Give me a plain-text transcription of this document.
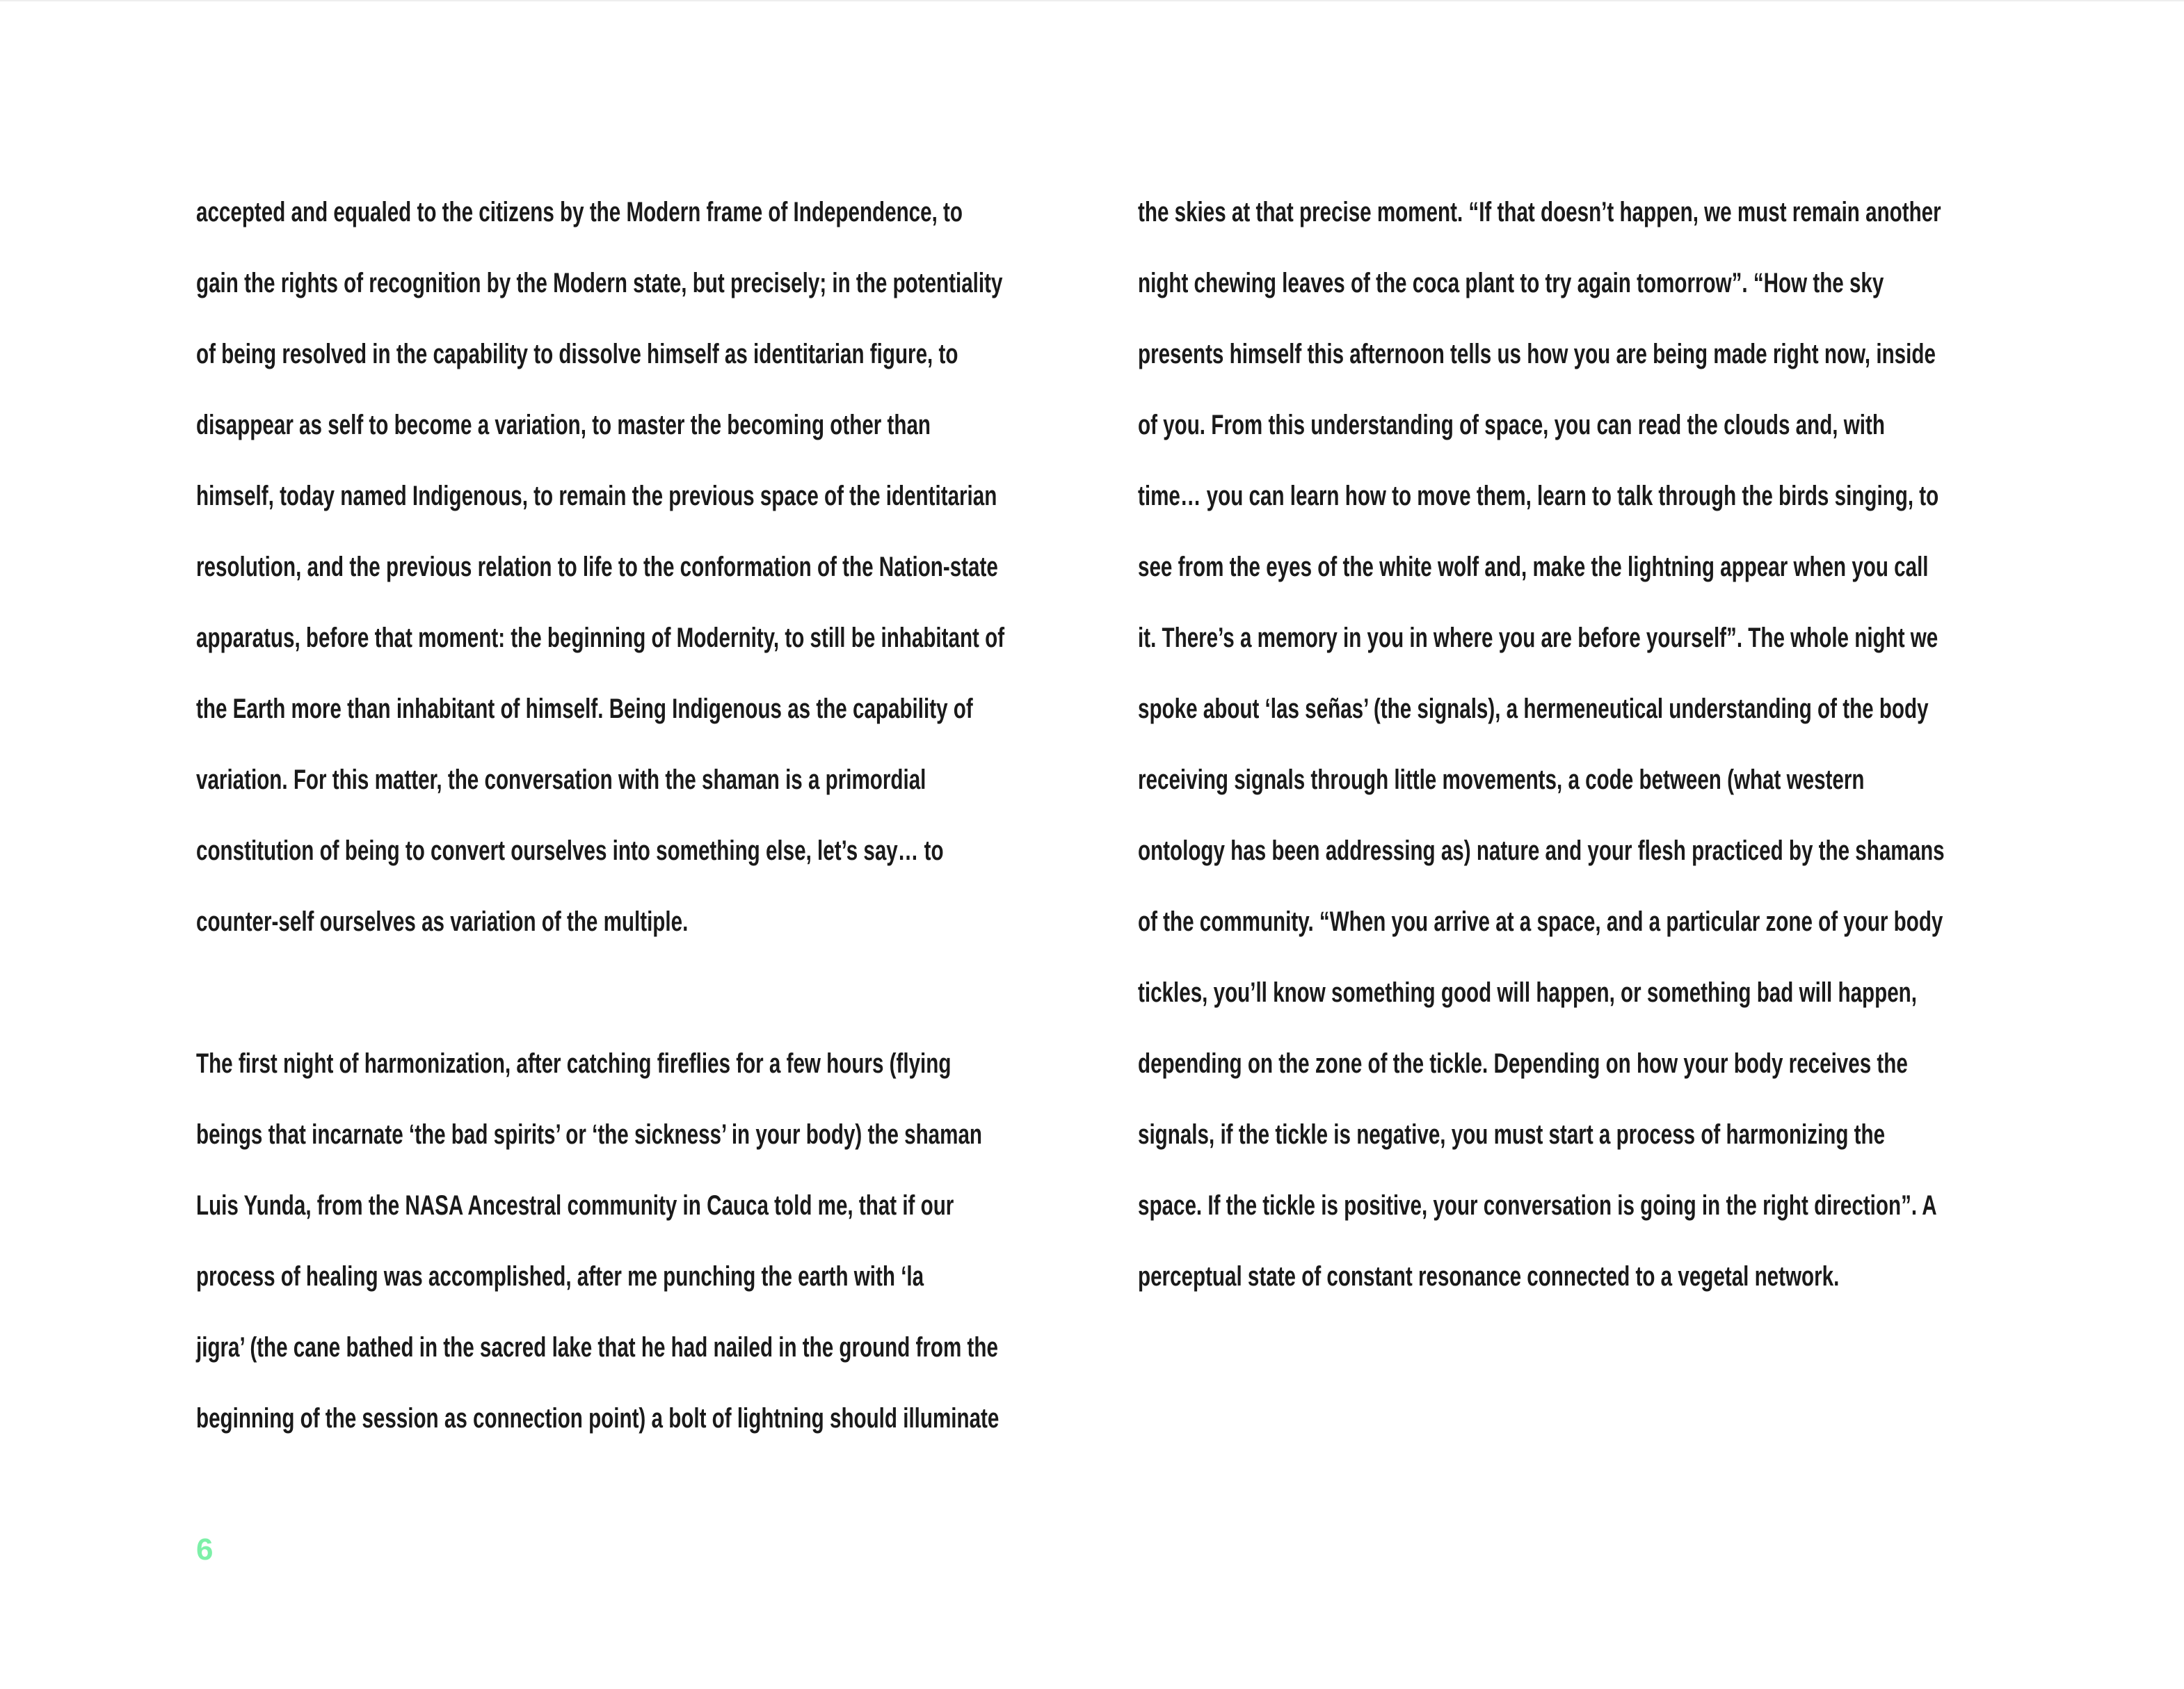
accepted and equaled to the citizens by the Modern frame of Independence, to
gain the rights of recognition by the Modern state, but precisely; in the potentiality
of being resolved in the capability to dissolve himself as identitarian figure, to
disappear as self to become a variation, to master the becoming other than
himself, today named Indigenous, to remain the previous space of the identitarian
resolution, and the previous relation to life to the conformation of the Nation-state
apparatus, before that moment: the beginning of Modernity, to still be inhabitant of
the Earth more than inhabitant of himself. Being Indigenous as the capability of
variation. For this matter, the conversation with the shaman is a primordial
constitution of being to convert ourselves into something else, let’s say… to
counter-self ourselves as variation of the multiple.
The first night of harmonization, after catching fireflies for a few hours (flying
beings that incarnate ‘the bad spirits’ or ‘the sickness’ in your body) the shaman
Luis Yunda, from the NASA Ancestral community in Cauca told me, that if our
process of healing was accomplished, after me punching the earth with ‘la
jigra’ (the cane bathed in the sacred lake that he had nailed in the ground from the
beginning of the session as connection point) a bolt of lightning should illuminate
the skies at that precise moment. “If that doesn’t happen, we must remain another
night chewing leaves of the coca plant to try again tomorrow”. “How the sky
presents himself this afternoon tells us how you are being made right now, inside
of you. From this understanding of space, you can read the clouds and, with
time… you can learn how to move them, learn to talk through the birds singing, to
see from the eyes of the white wolf and, make the lightning appear when you call
it. There’s a memory in you in where you are before yourself”. The whole night we
spoke about ‘las señas’ (the signals), a hermeneutical understanding of the body
receiving signals through little movements, a code between (what western
ontology has been addressing as) nature and your flesh practiced by the shamans
of the community. “When you arrive at a space, and a particular zone of your body
tickles, you’ll know something good will happen, or something bad will happen,
depending on the zone of the tickle. Depending on how your body receives the
signals, if the tickle is negative, you must start a process of harmonizing the
space. If the tickle is positive, your conversation is going in the right direction”. A
perceptual state of constant resonance connected to a vegetal network.
6
